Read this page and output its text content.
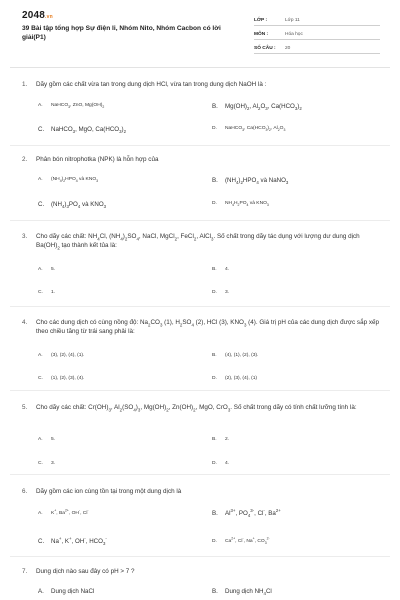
2048.vn
39 Bài tập tổng hợp Sự điện li, Nhóm Nito, Nhóm Cacbon có lời giải(P1)
LỚP :	Lớp 11
MÔN :	Hóa học
SỐ CÂU :	20
1.	Dãy gồm các chất vừa tan trong dung dịch HCl, vừa tan trong dung dịch NaOH là :
A. NaHCO$_3$, ZnO, $Mg(OH)_2$	B. $Mg(OH)_2$, $Al_2O_3$, $Ca(HCO_3)_2$
C. NaHCO$_3$, MgO, $Ca(HCO_3)_2$
D. NaHCO$_3$, $Ca(HCO_3)_2$, $Al_2O_3$
2.	Phân bón nitrophotka (NPK) là hỗn hợp của
A. $(NH_4)_2HPO_4$ và $KNO_3$	B. $(NH_4)_2HPO_4$ và NaNO$_3$
C. $(NH_4)_3PO_4$ và $KNO_3$
D. $NH_4H_2PO_4$ và $KNO_3$
3.	Cho dãy các chất: $NH_4Cl$, $(NH_4)_2SO_4$, NaCl, MgCl$_2$, FeCl$_2$, AlCl$_3$. Số chất trong dãy tác dụng với lượng dư dung dịch $Ba(OH)_2$ tạo thành kết tủa là:
A. 5.	B. 4.
C. 1.	D. 3.
4.	Cho các dung dịch có cùng nồng độ: $Na_2CO_3$ (1), $H_2SO_4$ (2), HCl (3), $KNO_3$ (4). Giá trị pH của các dung dịch được sắp xếp theo chiều tăng từ trái sang phải là:
A. (3), (2), (4), (1).	B. (4), (1), (2), (3).
C. (1), (2), (3), (4).	D. (2), (3), (4), (1)
5.	Cho dãy các chất: $Cr(OH)_3$, $Al_2(SO_4)_3$, $Mg(OH)_2$, $Zn(OH)_2$, MgO, CrO$_3$. Số chất trong dãy có tính chất lưỡng tính là:
A. 5.	B. 2.
C. 3.	D. 4.
6.	Dãy gồm các ion cùng tồn tại trong một dung dịch là
A. K+, $Ba^{2+}$, OH-, Cl-	B. $Al^{3+}$, $PO_4^{3-}$, Cl-, $Ba^{2+}$
C. Na+, K+, OH-, $HCO_3^-$
D. $Ca^{2+}$, Cl-, Na+, $CO_3^{2-}$
7.	Dung dịch nào sau đây có pH > 7 ?
A. Dung dịch NaCl	B. Dung dịch $NH_4Cl$
